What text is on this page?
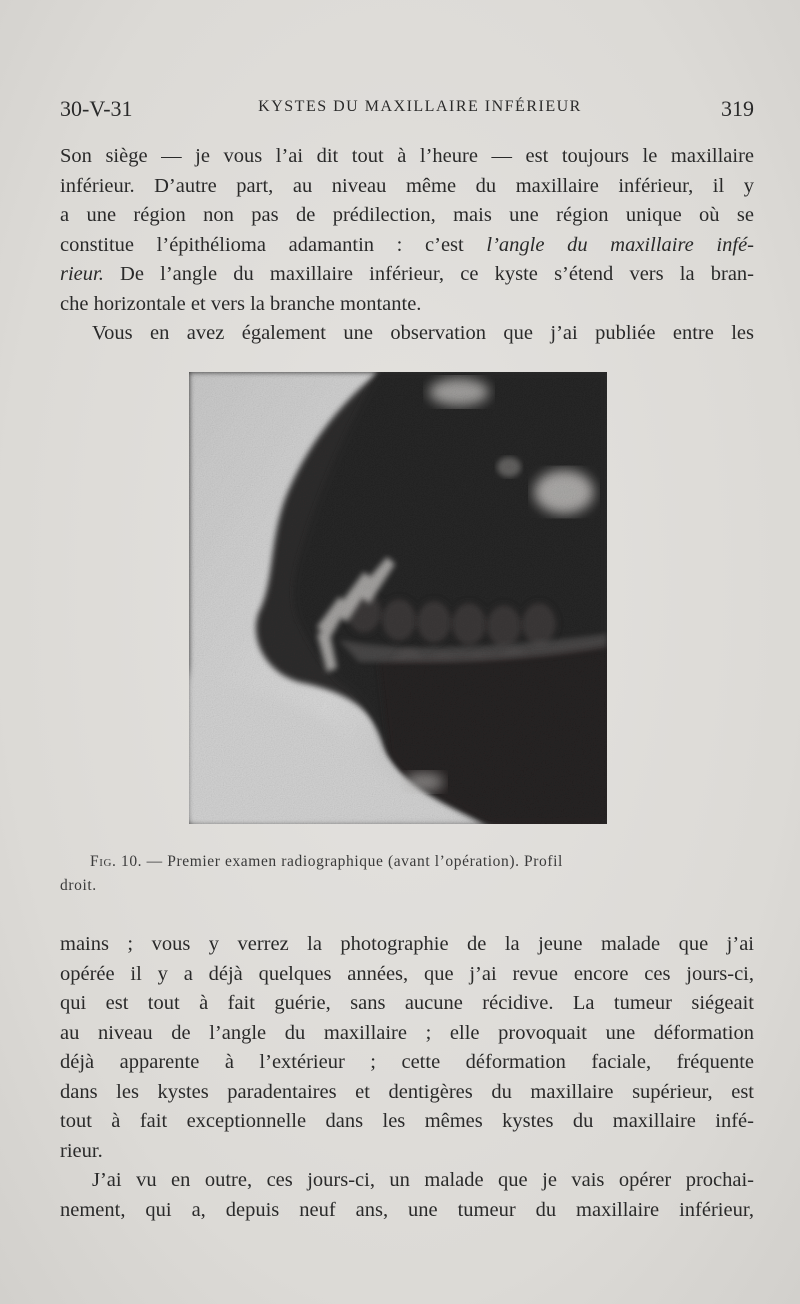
30-V-31	KYSTES DU MAXILLAIRE INFÉRIEUR	319
Son siège — je vous l’ai dit tout à l’heure — est toujours le maxillaire
inférieur. D’autre part, au niveau même du maxillaire inférieur, il y
a une région non pas de prédilection, mais une région unique où se
constitue l’épithélioma adamantin : c’est l’angle du maxillaire infé-
rieur. De l’angle du maxillaire inférieur, ce kyste s’étend vers la bran-
che horizontale et vers la branche montante.
Vous en avez également une observation que j’ai publiée entre les
Fig. 10. — Premier examen radiographique (avant l’opération). Profil
droit.
mains ; vous y verrez la photographie de la jeune malade que j’ai
opérée il y a déjà quelques années, que j’ai revue encore ces jours-ci,
qui est tout à fait guérie, sans aucune récidive. La tumeur siégeait
au niveau de l’angle du maxillaire ; elle provoquait une déformation
déjà apparente à l’extérieur ; cette déformation faciale, fréquente
dans les kystes paradentaires et dentigères du maxillaire supérieur, est
tout à fait exceptionnelle dans les mêmes kystes du maxillaire infé-
rieur.
J’ai vu en outre, ces jours-ci, un malade que je vais opérer prochai-
nement, qui a, depuis neuf ans, une tumeur du maxillaire inférieur,
